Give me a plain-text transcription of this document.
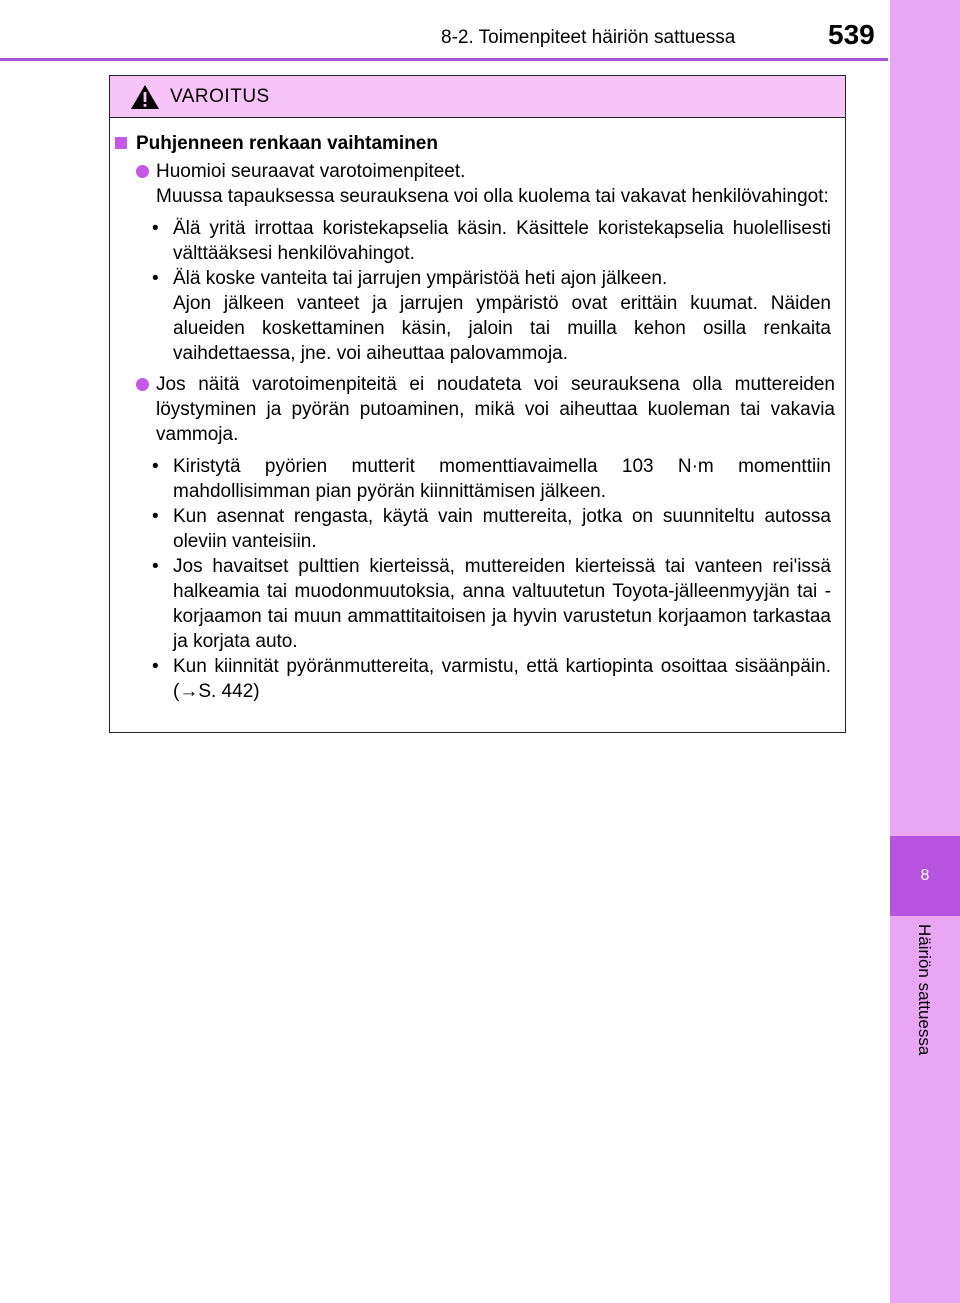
8-2. Toimenpiteet häiriön sattuessa	539
8
Häiriön sattuessa
VAROITUS
Puhjenneen renkaan vaihtaminen

Huomioi seuraavat varotoimenpiteet.

Muussa tapauksessa seurauksena voi olla kuolema tai vakavat henkilövahingot:

• Älä yritä irrottaa koristekapselia käsin. Käsittele koristekapselia huolellisesti välttääksesi henkilövahingot.
• Älä koske vanteita tai jarrujen ympäristöä heti ajon jälkeen.

Ajon jälkeen vanteet ja jarrujen ympäristö ovat erittäin kuumat. Näiden alueiden koskettaminen käsin, jaloin tai muilla kehon osilla renkaita vaihdettaessa, jne. voi aiheuttaa palovammoja.

Jos näitä varotoimenpiteitä ei noudateta voi seurauksena olla muttereiden löystyminen ja pyörän putoaminen, mikä voi aiheuttaa kuoleman tai vakavia vammoja.

• Kiristytä pyörien mutterit momenttiavaimella 103 N·m momenttiin mahdollisimman pian pyörän kiinnittämisen jälkeen.
• Kun asennat rengasta, käytä vain muttereita, jotka on suunniteltu autossa oleviin vanteisiin.
• Jos havaitset pulttien kierteissä, muttereiden kierteissä tai vanteen rei'issä halkeamia tai muodonmuutoksia, anna valtuutetun Toyota-jälleenmyyjän tai -korjaamon tai muun ammattitaitoisen ja hyvin varustetun korjaamon tarkastaa ja korjata auto.
• Kun kiinnität pyöränmuttereita, varmistu, että kartiopinta osoittaa sisäänpäin. (→S. 442)
